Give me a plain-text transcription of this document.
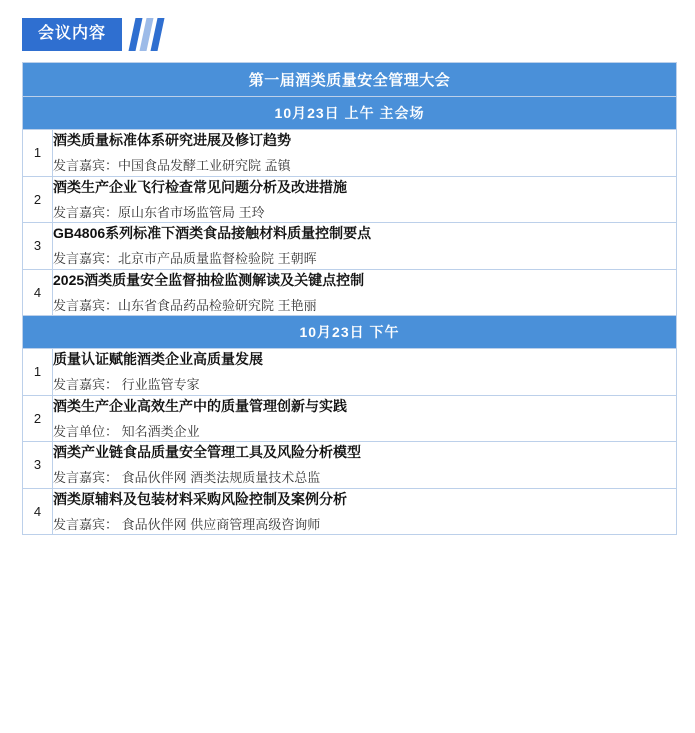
会议内容
第一届酒类质量安全管理大会	
10月23日 上午 主会场	
1	酒类质量标准体系研究进展及修订趋势
发言嘉宾：中国食品发酵工业研究院 孟镇

2	酒类生产企业飞行检查常见问题分析及改进措施
发言嘉宾：原山东省市场监管局 王玲

3	GB4806系列标准下酒类食品接触材料质量控制要点
发言嘉宾：北京市产品质量监督检验院 王朝晖

4	2025酒类质量安全监督抽检监测解读及关键点控制
发言嘉宾：山东省食品药品检验研究院 王艳丽

10月23日 下午	
1	质量认证赋能酒类企业高质量发展
发言嘉宾： 行业监管专家

2	酒类生产企业高效生产中的质量管理创新与实践
发言单位： 知名酒类企业

3	酒类产业链食品质量安全管理工具及风险分析模型
发言嘉宾： 食品伙伴网 酒类法规质量技术总监

4	酒类原辅料及包装材料采购风险控制及案例分析
发言嘉宾： 食品伙伴网 供应商管理高级咨询师
